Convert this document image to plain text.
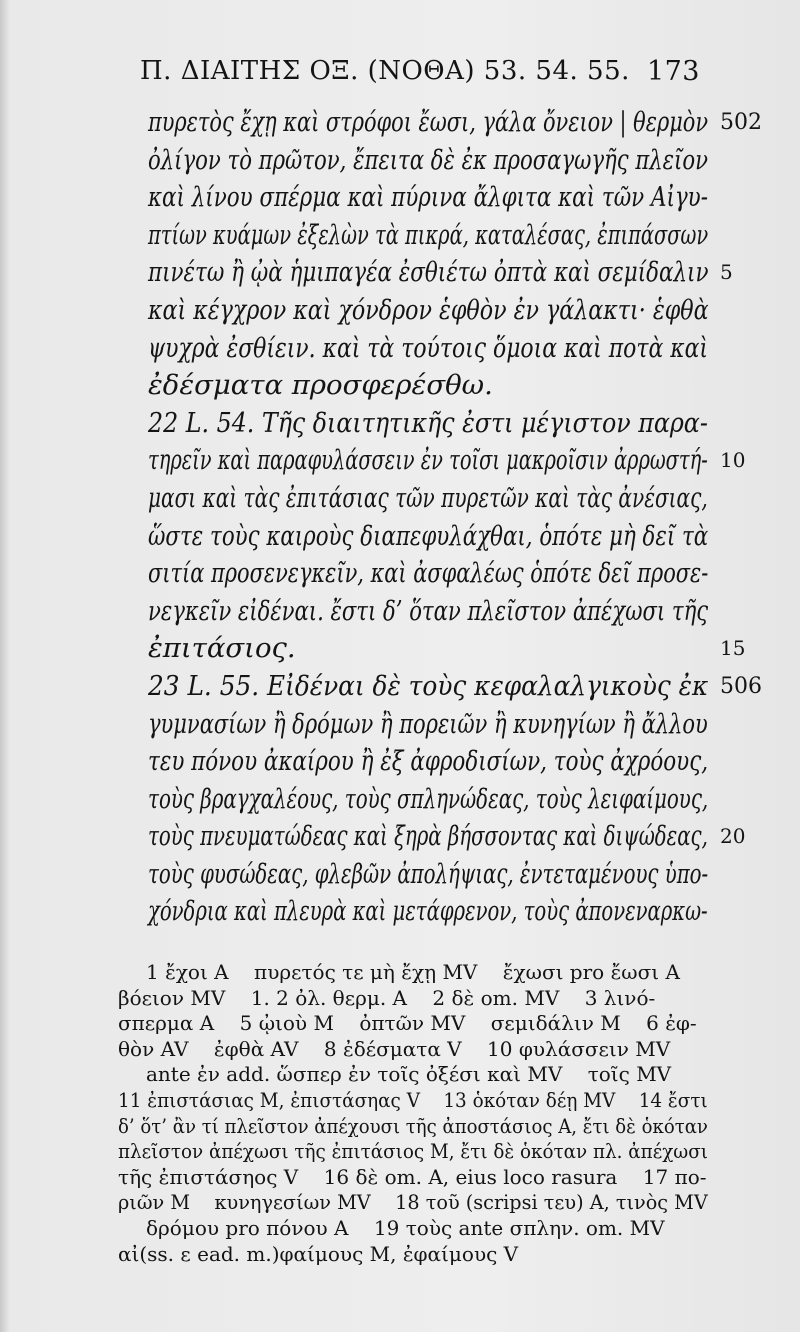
Π. ΔΙΑΙΤΗΣ ΟΞ. (ΝΟΘΑ) 53. 54. 55. 173
πυρετὸς ἔχῃ καὶ στρόφοι ἔωσι, γάλα ὄνειον | θερμὸν 502
ὀλίγον τὸ πρῶτον, ἔπειτα δὲ ἐκ προσαγωγῆς πλεῖον
καὶ λίνου σπέρμα καὶ πύρινα ἄλφιτα καὶ τῶν Αἰγυ-
πτίων κυάμων ἐξελὼν τὰ πικρά, καταλέσας, ἐπιπάσσων
πινέτω ἢ ᾠὰ ἡμιπαγέα ἐσθιέτω ὀπτὰ καὶ σεμίδαλιν 5
καὶ κέγχρον καὶ χόνδρον ἑφθὸν ἐν γάλακτι· ἑφθὰ
ψυχρὰ ἐσθίειν. καὶ τὰ τούτοις ὅμοια καὶ ποτὰ καὶ
ἐδέσματα προσφερέσθω.
22 L. 54. Τῆς διαιτητικῆς ἐστι μέγιστον παρα-
τηρεῖν καὶ παραφυλάσσειν ἐν τοῖσι μακροῖσιν ἀρρωστή- 10
μασι καὶ τὰς ἐπιτάσιας τῶν πυρετῶν καὶ τὰς ἀνέσιας,
ὥστε τοὺς καιροὺς διαπεφυλάχθαι, ὁπότε μὴ δεῖ τὰ
σιτία προσενεγκεῖν, καὶ ἀσφαλέως ὁπότε δεῖ προσε-
νεγκεῖν εἰδέναι. ἔστι δ’ ὅταν πλεῖστον ἀπέχωσι τῆς
ἐπιτάσιος.	15
23 L. 55. Εἰδέναι δὲ τοὺς κεφαλαλγικοὺς ἐκ 506
γυμνασίων ἢ δρόμων ἢ πορειῶν ἢ κυνηγίων ἢ ἄλλου
τευ πόνου ἀκαίρου ἢ ἐξ ἀφροδισίων, τοὺς ἀχρόους,
τοὺς βραγχαλέους, τοὺς σπληνώδεας, τοὺς λειφαίμους,
τοὺς πνευματώδεας καὶ ξηρὰ βήσσοντας καὶ διψώδεας, 20
τοὺς φυσώδεας, φλεβῶν ἀπολήψιας, ἐντεταμένους ὑπο-
χόνδρια καὶ πλευρὰ καὶ μετάφρενον, τοὺς ἀπονεναρκω-
1 ἔχοι A    πυρετός τε μὴ ἔχῃ MV    ἔχωσι pro ἔωσι A
βόειον MV    1. 2 ὀλ. θερμ. A    2 δὲ om. MV    3 λινό-
σπερμα A    5 ᾠιοὺ M    ὀπτῶν MV    σεμιδάλιν M    6 ἐφ-
θὸν AV    ἐφθὰ AV    8 ἐδέσματα V    10 φυλάσσειν MV
ante ἐν add. ὥσπερ ἐν τοῖς ὀξέσι καὶ MV    τοῖς MV
11 ἐπιστάσιας M, ἐπιστάσηας V    13 ὁκόταν δέῃ MV    14 ἔστι
δ’ ὅτ’ ἂν τί πλεῖστον ἀπέχουσι τῆς ἀποστάσιος A, ἔτι δὲ ὁκόταν
πλεῖστον ἀπέχωσι τῆς ἐπιτάσιος M, ἔτι δὲ ὁκόταν πλ. ἀπέχωσι
τῆς ἐπιστάσηος V    16 δὲ om. A, eius loco rasura    17 πο-
ριῶν M    κυνηγεσίων MV    18 τοῦ (scripsi τευ) A, τινὸς MV
δρόμου pro πόνου A    19 τοὺς ante σπλην. om. MV
αἰ(ss. ε ead. m.)φαίμους M, ἐφαίμους V
